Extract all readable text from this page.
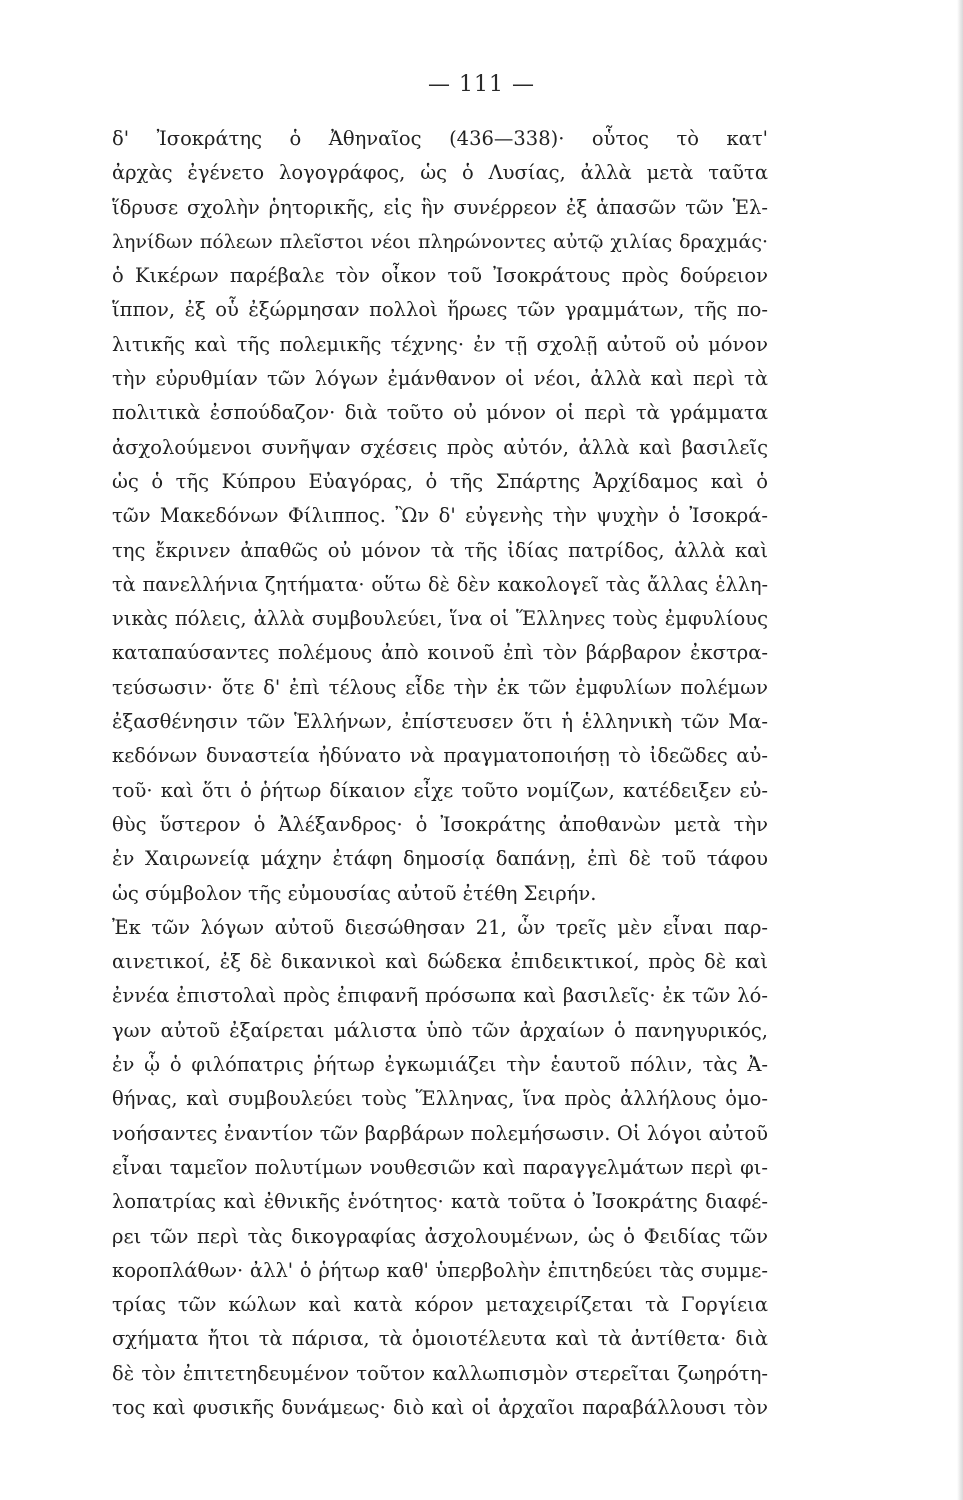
— 111 —
δ' Ἰσοκράτης ὁ Ἀθηναῖος (436—338)· οὗτος τὸ κατ'
ἀρχὰς ἐγένετο λογογράφος, ὡς ὁ Λυσίας, ἀλλὰ μετὰ ταῦτα
ἵδρυσε σχολὴν ῥητορικῆς, εἰς ἣν συνέρρεον ἐξ ἁπασῶν τῶν Ἑλ-
ληνίδων πόλεων πλεῖστοι νέοι πληρώνοντες αὐτῷ χιλίας δραχμάς·
ὁ Κικέρων παρέβαλε τὸν οἶκον τοῦ Ἰσοκράτους πρὸς δούρειον
ἵππον, ἐξ οὗ ἐξώρμησαν πολλοὶ ἥρωες τῶν γραμμάτων, τῆς πο-
λιτικῆς καὶ τῆς πολεμικῆς τέχνης· ἐν τῇ σχολῇ αὐτοῦ οὐ μόνον
τὴν εὐρυθμίαν τῶν λόγων ἐμάνθανον οἱ νέοι, ἀλλὰ καὶ περὶ τὰ
πολιτικὰ ἐσπούδαζον· διὰ τοῦτο οὐ μόνον οἱ περὶ τὰ γράμματα
ἀσχολούμενοι συνῆψαν σχέσεις πρὸς αὐτόν, ἀλλὰ καὶ βασιλεῖς
ὡς ὁ τῆς Κύπρου Εὐαγόρας, ὁ τῆς Σπάρτης Ἀρχίδαμος καὶ ὁ
τῶν Μακεδόνων Φίλιππος. Ὢν δ' εὐγενὴς τὴν ψυχὴν ὁ Ἰσοκρά-
της ἔκρινεν ἀπαθῶς οὐ μόνον τὰ τῆς ἰδίας πατρίδος, ἀλλὰ καὶ
τὰ πανελλήνια ζητήματα· οὕτω δὲ δὲν κακολογεῖ τὰς ἄλλας ἑλλη-
νικὰς πόλεις, ἀλλὰ συμβουλεύει, ἵνα οἱ Ἕλληνες τοὺς ἐμφυλίους
καταπαύσαντες πολέμους ἀπὸ κοινοῦ ἐπὶ τὸν βάρβαρον ἐκστρα-
τεύσωσιν· ὅτε δ' ἐπὶ τέλους εἶδε τὴν ἐκ τῶν ἐμφυλίων πολέμων
ἐξασθένησιν τῶν Ἑλλήνων, ἐπίστευσεν ὅτι ἡ ἑλληνικὴ τῶν Μα-
κεδόνων δυναστεία ἠδύνατο νὰ πραγματοποιήσῃ τὸ ἰδεῶδες αὐ-
τοῦ· καὶ ὅτι ὁ ῥήτωρ δίκαιον εἶχε τοῦτο νομίζων, κατέδειξεν εὐ-
θὺς ὕστερον ὁ Ἀλέξανδρος· ὁ Ἰσοκράτης ἀποθανὼν μετὰ τὴν
ἐν Χαιρωνείᾳ μάχην ἐτάφη δημοσίᾳ δαπάνῃ, ἐπὶ δὲ τοῦ τάφου
ὡς σύμβολον τῆς εὐμουσίας αὐτοῦ ἐτέθη Σειρήν.
Ἐκ τῶν λόγων αὐτοῦ διεσώθησαν 21, ὧν τρεῖς μὲν εἶναι παρ-
αινετικοί, ἐξ δὲ δικανικοὶ καὶ δώδεκα ἐπιδεικτικοί, πρὸς δὲ καὶ
ἐννέα ἐπιστολαὶ πρὸς ἐπιφανῆ πρόσωπα καὶ βασιλεῖς· ἐκ τῶν λό-
γων αὐτοῦ ἐξαίρεται μάλιστα ὑπὸ τῶν ἀρχαίων ὁ πανηγυρικός,
ἐν ᾧ ὁ φιλόπατρις ῥήτωρ ἐγκωμιάζει τὴν ἑαυτοῦ πόλιν, τὰς Ἀ-
θήνας, καὶ συμβουλεύει τοὺς Ἕλληνας, ἵνα πρὸς ἀλλήλους ὁμο-
νοήσαντες ἐναντίον τῶν βαρβάρων πολεμήσωσιν. Οἱ λόγοι αὐτοῦ
εἶναι ταμεῖον πολυτίμων νουθεσιῶν καὶ παραγγελμάτων περὶ φι-
λοπατρίας καὶ ἐθνικῆς ἑνότητος· κατὰ τοῦτα ὁ Ἰσοκράτης διαφέ-
ρει τῶν περὶ τὰς δικογραφίας ἀσχολουμένων, ὡς ὁ Φειδίας τῶν
κοροπλάθων· ἀλλ' ὁ ῥήτωρ καθ' ὑπερβολὴν ἐπιτηδεύει τὰς συμμε-
τρίας τῶν κώλων καὶ κατὰ κόρον μεταχειρίζεται τὰ Γοργίεια
σχήματα ἤτοι τὰ πάρισα, τὰ ὁμοιοτέλευτα καὶ τὰ ἀντίθετα· διὰ
δὲ τὸν ἐπιτετηδευμένον τοῦτον καλλωπισμὸν στερεῖται ζωηρότη-
τος καὶ φυσικῆς δυνάμεως· διὸ καὶ οἱ ἀρχαῖοι παραβάλλουσι τὸν
